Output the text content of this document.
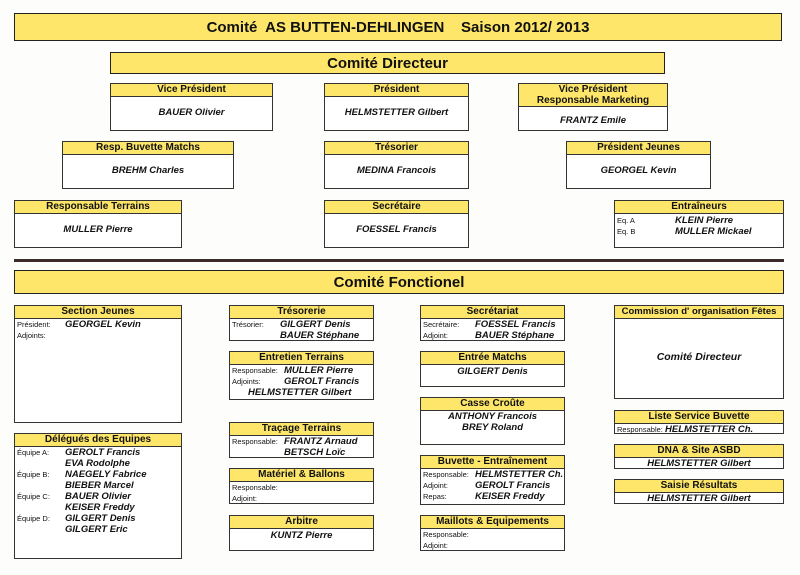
Comité  AS BUTTEN-DEHLINGEN    Saison 2012/ 2013
Comité Directeur
Vice Président
BAUER Olivier
Président
HELMSTETTER Gilbert
Vice Président
Responsable Marketing
FRANTZ Emile
Resp. Buvette Matchs
BREHM Charles
Trésorier
MEDINA Francois
Président Jeunes
GEORGEL Kevin
Responsable Terrains
MULLER Pierre
Secrétaire
FOESSEL Francis
Entraîneurs
Eq. A	KLEIN Pierre
Eq. B	MULLER Mickael
Comité Fonctionel
Section Jeunes
Président:	GEORGEL Kevin
Adjoints:
Délégués des Equipes
Équipe A:	GEROLT Francis
EVA Rodolphe
Équipe B:	NAEGELY Fabrice
BIEBER Marcel
Équipe C:	BAUER Olivier
KEISER Freddy
Équipe D:	GILGERT Denis
GILGERT Eric
Trésorerie
Trésorier:	GILGERT Denis
BAUER Stéphane
Entretien Terrains
Responsable: MULLER Pierre
Adjoints:	GEROLT Francis
HELMSTETTER Gilbert
Traçage Terrains
Responsable: FRANTZ Arnaud
BETSCH Loïc
Matériel & Ballons
Responsable:
Adjoint:
Arbitre
KUNTZ Pierre
Secrétariat
Secrétaire:	FOESSEL Francis
Adjoint:	BAUER Stéphane
Entrée Matchs
GILGERT Denis
Casse Croûte
ANTHONY Francois
BREY Roland
Buvette - Entraînement
Responsable: HELMSTETTER Ch.
Adjoint:	GEROLT Francis
Repas:	KEISER Freddy
Maillots & Equipements
Responsable:
Adjoint:
Commission d' organisation Fêtes
Comité Directeur
Liste Service Buvette
Responsable: HELMSTETTER Ch.
DNA & Site ASBD
HELMSTETTER Gilbert
Saisie Résultats
HELMSTETTER Gilbert
